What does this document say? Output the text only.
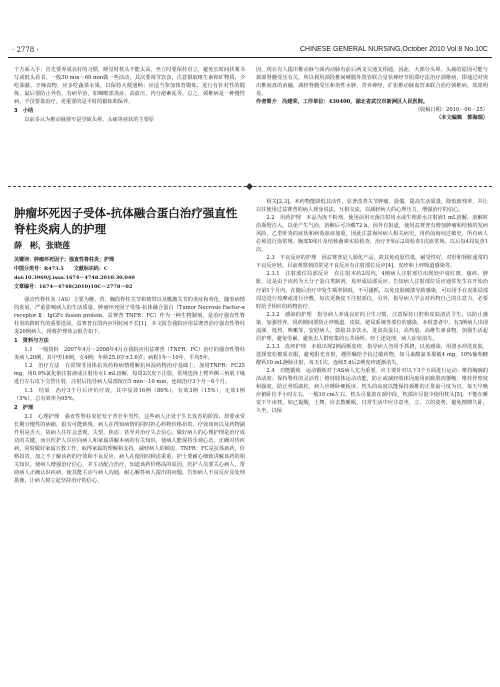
· 2778 ·	CHINESE GENERAL NURSING,October 2010 Vol.8 No.10C

个方面入手：首先要养成良好的习惯，睡觉时枕头不能太高，坐立时要保持直立，避免长时间伏案书写或低头看书，一般30 min～60 min做一些活动；其次要调节饮食，注意摄取维生素和矿物质，少吃油腻、辛辣食物，应多吃蔬菜水果，以保持大便通畅；应适当参加体育锻炼，进行有针对性的锻炼，最后要防止外伤，有病早治，如咽喉部炎症、高血压、内分泌紊乱等。总之，颈椎病是一种慢性病，不仅要靠治疗，更重要的是平时的锻炼和保养。

3　小结

以前多认为椎动脉狭窄是导致头晕、头痛等症状的主要原

因，现在有人提出椎动脉与颈内动脉有前后两支交通支相通，因此，大部分头晕、头痛的原因可能与颈部脊髓受压有关。所以利用颈段椎间硬膜外置管联合星状神经节阻滞疗法治疗颈椎病，即通过对突出椎间盘的消融，减轻脊髓受压和炎性水肿，青养神经，扩张椎动脉血管来联合治疗颈椎病，效果明显。

作者简介　冯建荣，工作单位：430400，湖北省武汉市新洲区人民医院。

（收稿日期：2010－06－25）

（本文编辑　郭海瑞）

肿瘤坏死因子受体-抗体融合蛋白治疗强直性脊柱炎病人的护理
薛　彬，张晓莲
关键词：肿瘤坏死因子；强直性脊柱炎；护理
中图分类号：R473.5　　文献标识码：C
doi:10.3969/j.issn.1674－4748.2010.30.040
文章编号：1674－4748(2010)10C－2778－02

强直性脊柱炎（AS）主要为腰、背、胸段脊柱关节和韧带以及骶髂关节的炎症和骨化，随着病情的发展，严重影响病人的生活质量。肿瘤坏死因子受体-抗体融合蛋白（Tumor Necrosis Factor-α receptor Ⅱ：IgGFc fusion protein，益赛普 TNFR：FC）作为一种生物制剂，是治疗强直性脊柱炎的跨时代的重要进展。益赛普在国内应用时间不长[1]，本文报告我院应用益赛普治疗强直性脊柱炎20例病人，现将护理体会报告如下。

1　资料与方法

1.1　一般资料　2007年4月～2008年4月在我院应用益赛普（TNFR：FC）治疗的强直性脊柱炎病人20例，其中男16例，女4例；年龄25.0岁±3.6岁；病程1年～10年，平均5年。

1.2　治疗方法　在常规非甾体抗炎药和病情缓解抗风湿药物治疗基础上，加用TNFR：FC25 mg，用0.9%氯化钠注射液或注射用水1 mL溶解，每周2次皮下注射，常规选择上臂外侧三角肌下缘进行左右皮下交替注射，注射后指导病人局部按压5 min～10 min，连续治疗3个月～6个月。

1.3　结果　治疗3个月后评价疗效，其中显效16例（80%），有效3例（15%），无效1例（5%），总有效率为95%。

2　护理

2.1　心理护理　强直性脊柱炎好发于青壮年男性，这些病人正处于生长发育的阶段，却要承受长期且慢性的病痛，很有可能致残。病人在得知病情的同时担心药物价格昂贵、疗效如何以及药物副作用是否大，故病人往往会悲观、失望、焦虑、甚至对治疗失去信心。做好病人的心理护理是治疗成功的关键。而且医护人员应向病人和家属讲解本病的有关知识，使病人能保持乐观心态，正确对待疾病，同时做好家属宣教工作，取得家属的理解和支持，减轻病人的顾虑。TNFR：FC是抗体新药，价格昂贵，加之不了解该药的疗效和不良反应，病人在使用时顾虑重重，护士要耐心细致讲解该药的相关知识，使病人增强治疗信心，并主动配合治疗。知道该药价格高的原因，医护人员要关心病人，帮助病人正确认识疾病，使其能主动与病人沟通，耐心解答病人提出的问题，告知病人不良反应及处理措施，让病人树立起坚持治疗的信心。

相关[2,3]。本药物能降低其活性，显著改善关节肿痛、晨僵、提高生活质量，降低致残率，并让以往使用过益赛普的病人现身说法，互相交流，以减轻病人的心理压力，增强治疗的信心。

2.2　用药护理　本品为冻干粉剂，使用前用灭菌注射用水或生理盐水注射液1 mL溶解，溶解时沿瓶壁注入，以免产生气泡，溶解后可冷藏72 h。因外有报道，使用益赛普有增加肿瘤和结核的发病风险，乙型肝炎的症状和病毒血症加重，因此注意询问病人相关病史，用药前询问过敏史，所有病人必须进行血常规、胸部X线片及结核菌素实验检查，治疗开始后2周检查1次血常规，以后每4周复查1次。

2.3　不良反应的护理　因益赛普是人源化产品，故其免疫原性低，耐受性好，对肝和肾脏通常的不良反应轻。目前观察到的常见不良反应有注射部位反应[4]，皮疹和上呼吸道感染等。

2.3.1　注射部位局部反应　在注射本药2周内，4例病人注射部位出现轻中度红斑、瘙痒、肿胀，这是由于该药为大分子蛋白类制剂，易形成局部反应。告知病人注射部位反应通常发生在开始治疗第1个月内，在随后治疗中发生频率降低，不可搔抓，以免皮肤破溃导致感染，可以用手在皮肤局部周边进行按摩或进行冷敷，每次更换皮下注射部位，另外，指导病人学会对药物自己的注意力，必要时给予相应的药物治疗。

2.3.2　感染的护理　指导病人养成良好的卫生习惯，注意保持口腔和皮肤清洁卫生，以防止感染，加强营养，用药期间要防止呼吸道、皮肤、泌尿系统等部位的感染。本组患者中，有3例病人出现流涕、低热、咳嗽等，安慰病人，鼓励其多饮水，进食高蛋白，高热量、高维生素食物，加强生活起居护理，避免劳累，避免去人群密集的公共场所，经上述处理，病人症状消失。

2.3.3　皮疹护理　本组出现2例面颊皮疹，指导病人勿用手抓挠，以免感染，用清水冲洗皮肤，选择宽松棉质衣服，避免阳光直射，遵医嘱给予抗过敏药物，如马来酸氯苯那敏4 mg，10%葡萄糖酸钙10 mL静脉注射，每天1次，连续5 d后2例皮疹逐渐消失。

2.4　功能锻炼　运动锻炼对于AS病人尤为重要。应主要针对以下3个方面进行运动：维持胸廓的活动度；保持脊柱的灵活性；维持肢体运动功能，防止或减轻肢体因废用而致肌肉萎缩，维持骨密度和强度，防止骨质疏松。病人应睡卧硬板床，枕头的高度以能保持颈椎的正常前弓度为宜，每天早晚应俯卧位半小时左右，一般10 cm左右，枕头尽量放在颈中段，枕部应尽量少使用枕头[5]。不能在睡觉下午床枕，如已提醒，上舞，应去教睡眠，日常生活中应注意坐，立，立的姿势，避免擦擦久卧，久坐，以保
